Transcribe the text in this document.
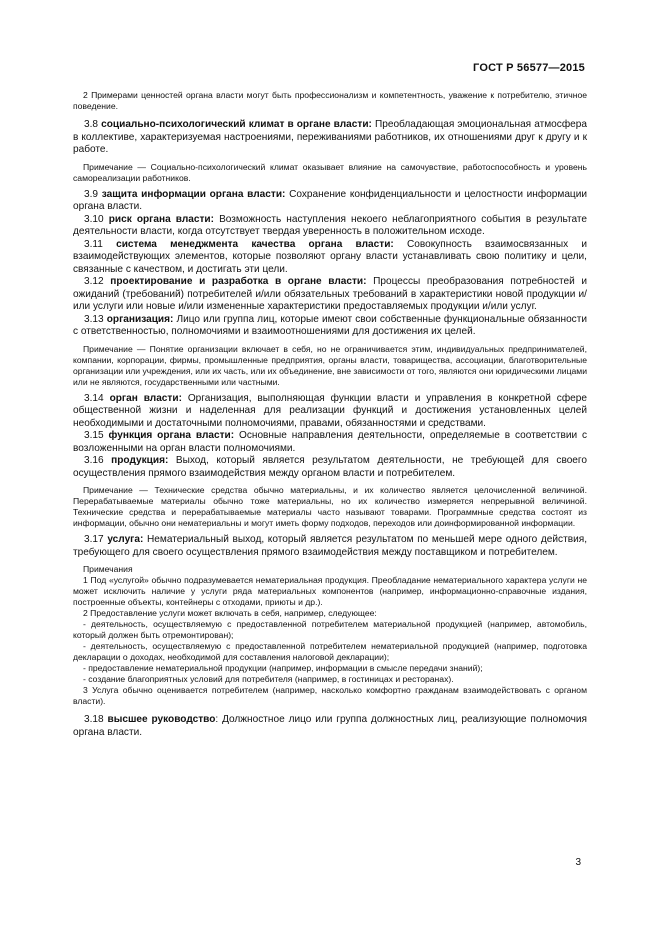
ГОСТ Р 56577—2015

2 Примерами ценностей органа власти могут быть профессионализм и компетентность, уважение к потребителю, этичное поведение.

3.8 социально-психологический климат в органе власти: Преобладающая эмоциональная атмосфера в коллективе, характеризуемая настроениями, переживаниями работников, их отношениями друг к другу и к работе.

Примечание — Социально-психологический климат оказывает влияние на самочувствие, работоспособность и уровень самореализации работников.

3.9 защита информации органа власти: Сохранение конфиденциальности и целостности информации органа власти.

3.10 риск органа власти: Возможность наступления некоего неблагоприятного события в результате деятельности власти, когда отсутствует твердая уверенность в положительном исходе.

3.11 система менеджмента качества органа власти: Совокупность взаимосвязанных и взаимодействующих элементов, которые позволяют органу власти устанавливать свою политику и цели, связанные с качеством, и достигать эти цели.

3.12 проектирование и разработка в органе власти: Процессы преобразования потребностей и ожиданий (требований) потребителей и/или обязательных требований в характеристики новой продукции и/или услуги или новые и/или измененные характеристики предоставляемых продукции и/или услуг.

3.13 организация: Лицо или группа лиц, которые имеют свои собственные функциональные обязанности с ответственностью, полномочиями и взаимоотношениями для достижения их целей.

Примечание — Понятие организации включает в себя, но не ограничивается этим, индивидуальных предпринимателей, компании, корпорации, фирмы, промышленные предприятия, органы власти, товарищества, ассоциации, благотворительные организации или учреждения, или их часть, или их объединение, вне зависимости от того, являются они юридическими лицами или не являются, государственными или частными.

3.14 орган власти: Организация, выполняющая функции власти и управления в конкретной сфере общественной жизни и наделенная для реализации функций и достижения установленных целей необходимыми и достаточными полномочиями, правами, обязанностями и средствами.

3.15 функция органа власти: Основные направления деятельности, определяемые в соответствии с возложенными на орган власти полномочиями.

3.16 продукция: Выход, который является результатом деятельности, не требующей для своего осуществления прямого взаимодействия между органом власти и потребителем.

Примечание — Технические средства обычно материальны, и их количество является целочисленной величиной. Перерабатываемые материалы обычно тоже материальны, но их количество измеряется непрерывной величиной. Технические средства и перерабатываемые материалы часто называют товарами. Программные средства состоят из информации, обычно они нематериальны и могут иметь форму подходов, переходов или доинформированной информации.

3.17 услуга: Нематериальный выход, который является результатом по меньшей мере одного действия, требующего для своего осуществления прямого взаимодействия между поставщиком и потребителем.

Примечания

1 Под «услугой» обычно подразумевается нематериальная продукция. Преобладание нематериального характера услуги не может исключить наличие у услуги ряда материальных компонентов (например, информационно-справочные издания, построенные объекты, контейнеры с отходами, приюты и др.).

2 Предоставление услуги может включать в себя, например, следующее:

- деятельность, осуществляемую с предоставленной потребителем материальной продукцией (например, автомобиль, который должен быть отремонтирован);

- деятельность, осуществляемую с предоставленной потребителем нематериальной продукцией (например, подготовка декларации о доходах, необходимой для составления налоговой декларации);

- предоставление нематериальной продукции (например, информации в смысле передачи знаний);

- создание благоприятных условий для потребителя (например, в гостиницах и ресторанах).

3 Услуга обычно оценивается потребителем (например, насколько комфортно гражданам взаимодействовать с органом власти).

3.18 высшее руководство: Должностное лицо или группа должностных лиц, реализующие полномочия органа власти.

3
